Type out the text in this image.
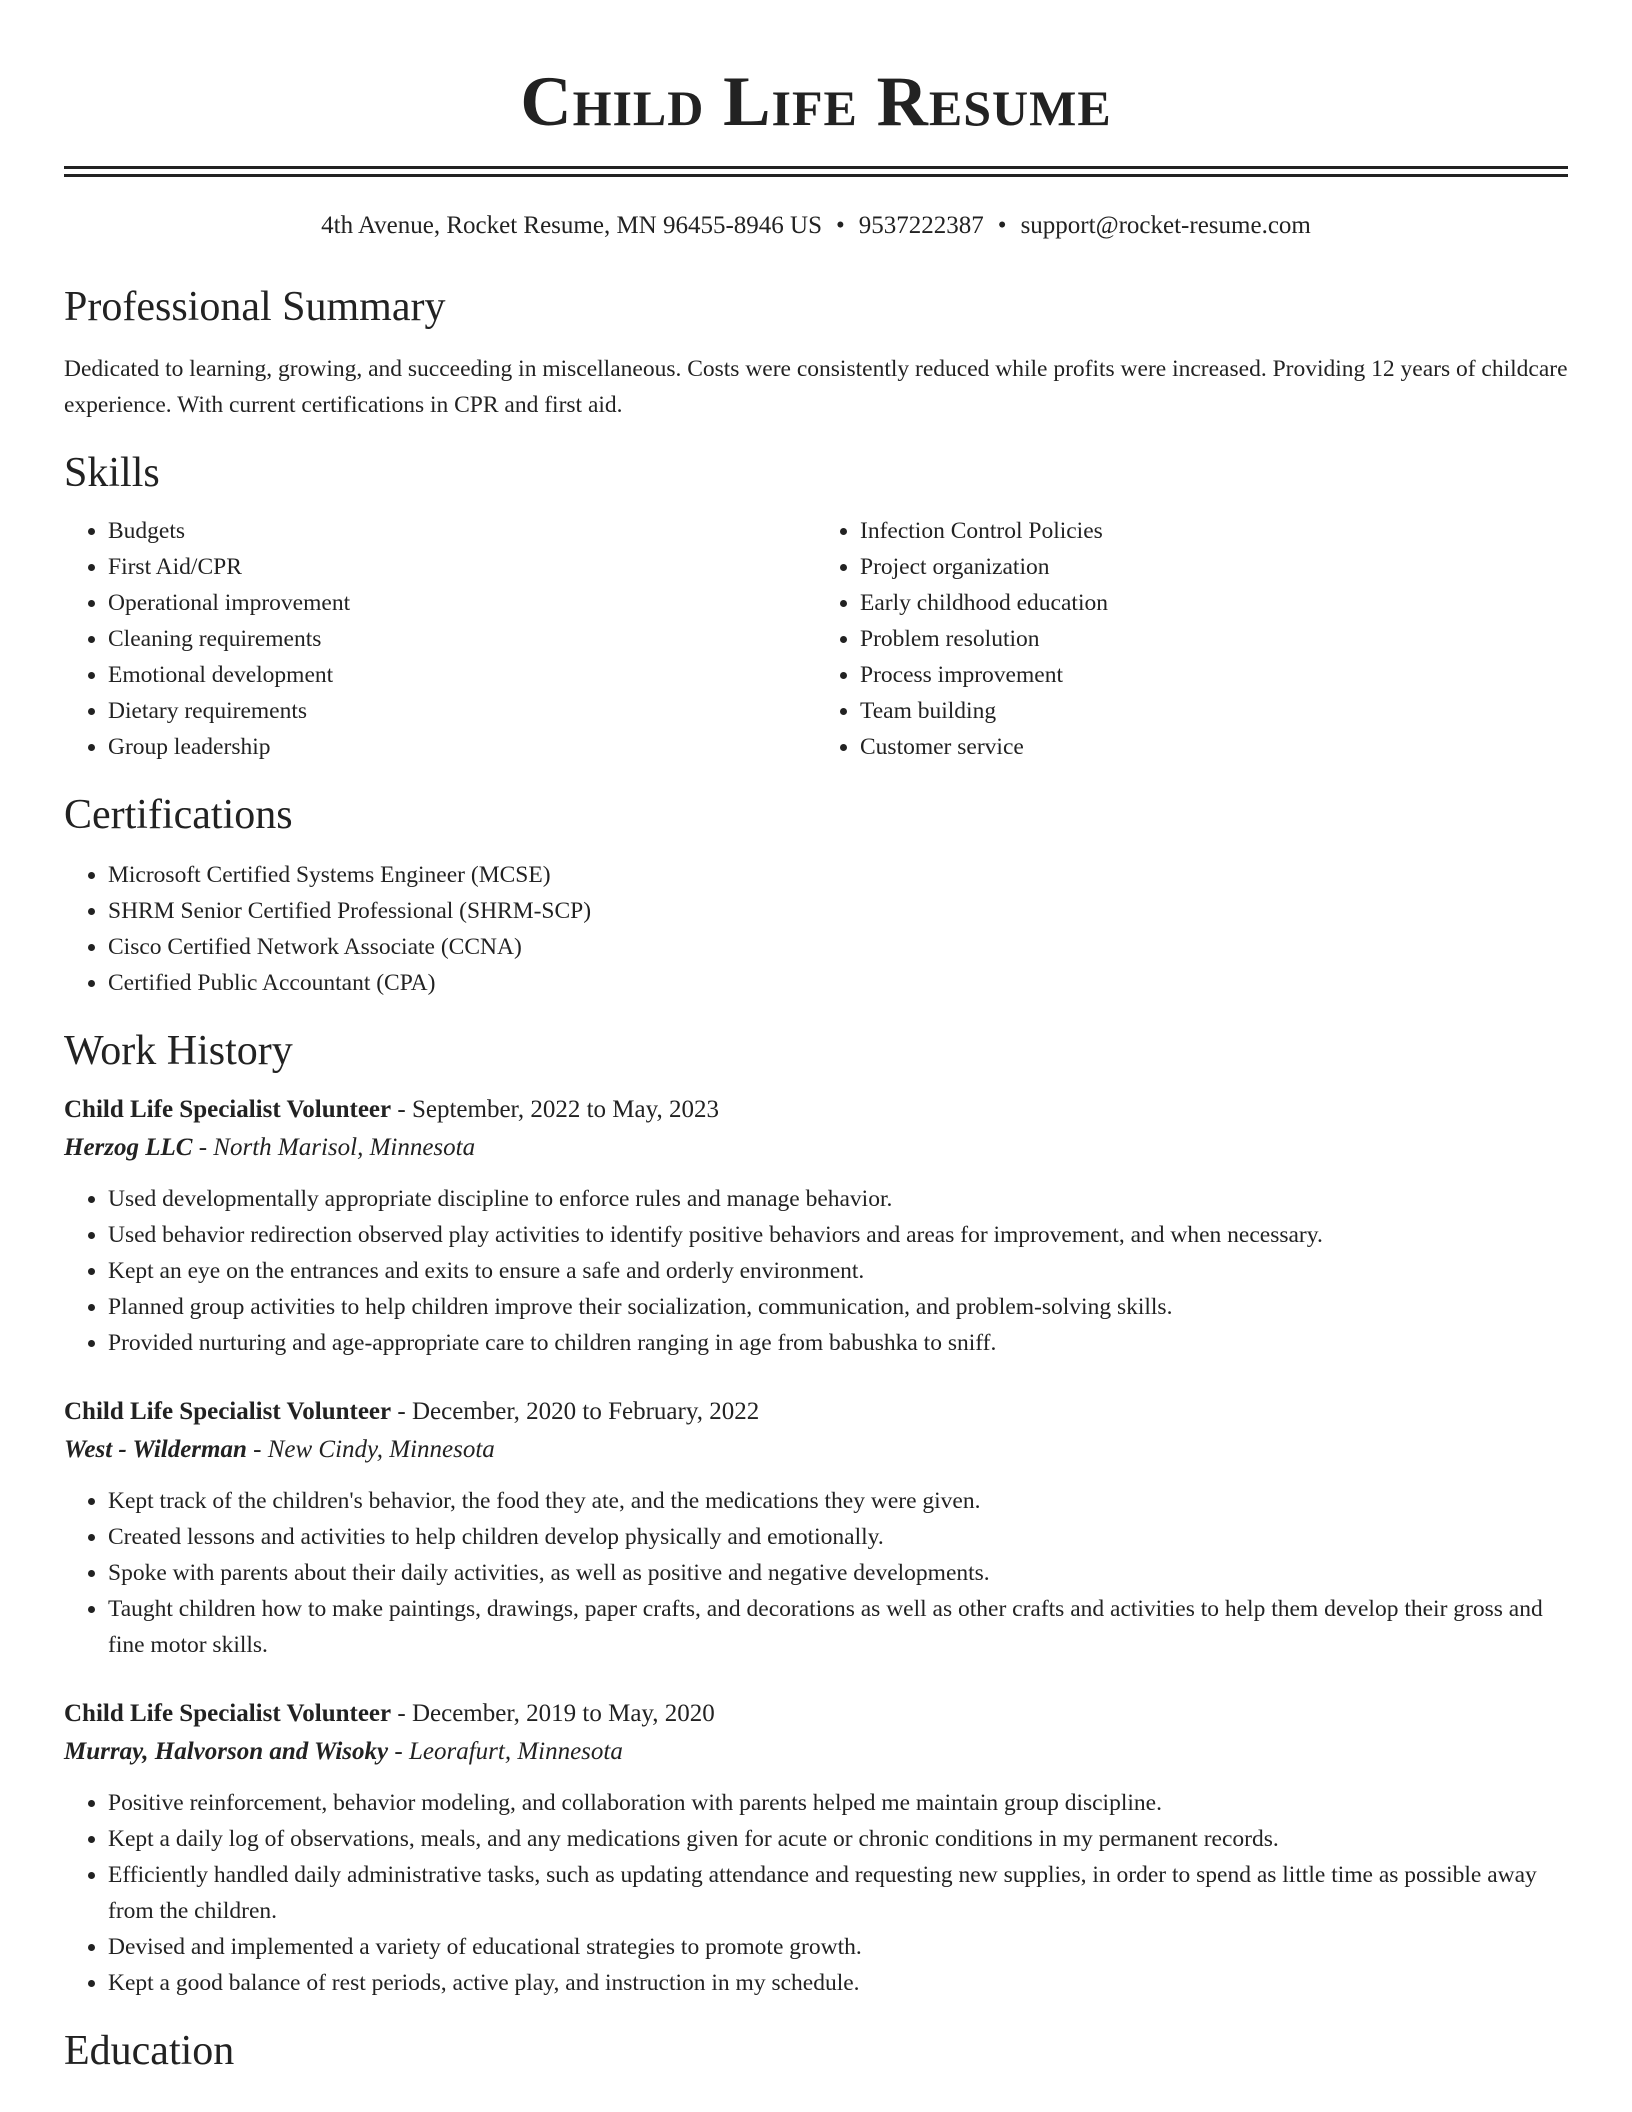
Child Life Resume
4th Avenue, Rocket Resume, MN 96455-8946 US • 9537222387 • support@rocket-resume.com
Professional Summary

Dedicated to learning, growing, and succeeding in miscellaneous. Costs were consistently reduced while profits were increased. Providing 12 years of childcare experience. With current certifications in CPR and first aid.

Skills
• Budgets
• First Aid/CPR
• Operational improvement
• Cleaning requirements
• Emotional development
• Dietary requirements
• Group leadership
• Infection Control Policies
• Project organization
• Early childhood education
• Problem resolution
• Process improvement
• Team building
• Customer service
Certifications
• Microsoft Certified Systems Engineer (MCSE)
• SHRM Senior Certified Professional (SHRM-SCP)
• Cisco Certified Network Associate (CCNA)
• Certified Public Accountant (CPA)
Work History
Child Life Specialist Volunteer - September, 2022 to May, 2023
Herzog LLC - North Marisol, Minnesota
• Used developmentally appropriate discipline to enforce rules and manage behavior.
• Used behavior redirection observed play activities to identify positive behaviors and areas for improvement, and when necessary.
• Kept an eye on the entrances and exits to ensure a safe and orderly environment.
• Planned group activities to help children improve their socialization, communication, and problem-solving skills.
• Provided nurturing and age-appropriate care to children ranging in age from babushka to sniff.
Child Life Specialist Volunteer - December, 2020 to February, 2022
West - Wilderman - New Cindy, Minnesota
• Kept track of the children's behavior, the food they ate, and the medications they were given.
• Created lessons and activities to help children develop physically and emotionally.
• Spoke with parents about their daily activities, as well as positive and negative developments.
• Taught children how to make paintings, drawings, paper crafts, and decorations as well as other crafts and activities to help them develop their gross and fine motor skills.
Child Life Specialist Volunteer - December, 2019 to May, 2020
Murray, Halvorson and Wisoky - Leorafurt, Minnesota
• Positive reinforcement, behavior modeling, and collaboration with parents helped me maintain group discipline.
• Kept a daily log of observations, meals, and any medications given for acute or chronic conditions in my permanent records.
• Efficiently handled daily administrative tasks, such as updating attendance and requesting new supplies, in order to spend as little time as possible away from the children.
• Devised and implemented a variety of educational strategies to promote growth.
• Kept a good balance of rest periods, active play, and instruction in my schedule.
Education
